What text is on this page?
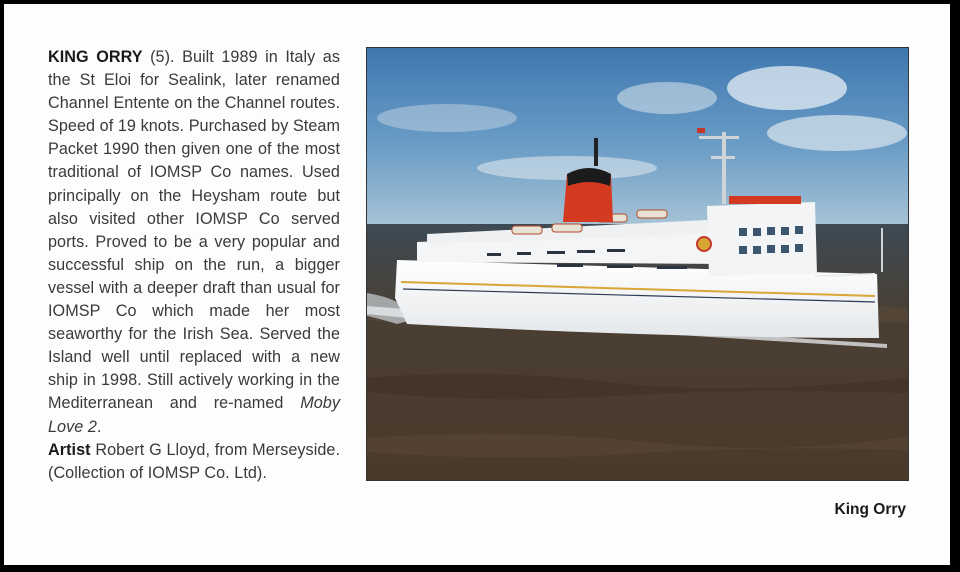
KING ORRY (5). Built 1989 in Italy as the St Eloi for Sealink, later renamed Channel Entente on the Channel routes. Speed of 19 knots. Purchased by Steam Packet 1990 then given one of the most traditional of IOMSP Co names. Used principally on the Heysham route but also visited other IOMSP Co served ports. Proved to be a very popular and successful ship on the run, a bigger vessel with a deeper draft than usual for IOMSP Co which made her most seaworthy for the Irish Sea. Served the Island well until replaced with a new ship in 1998. Still actively working in the Mediterranean and re-named Moby Love 2.
Artist Robert G Lloyd, from Merseyside. (Collection of IOMSP Co. Ltd).
King Orry
